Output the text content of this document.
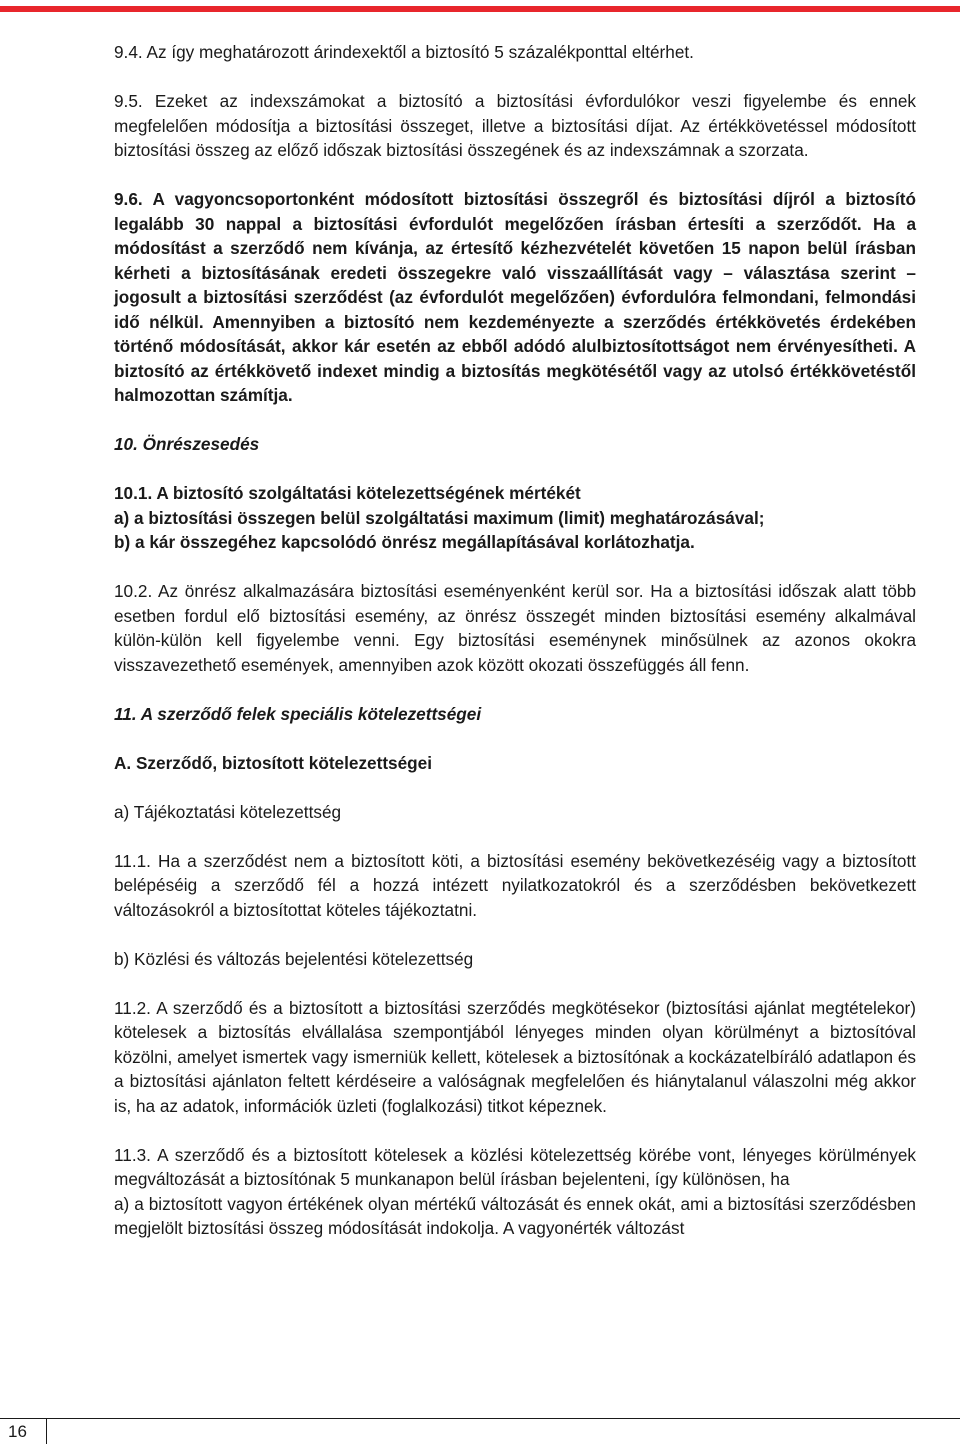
9.4. Az így meghatározott árindexektől a biztosító 5 százalékponttal eltérhet.

9.5. Ezeket az indexszámokat a biztosító a biztosítási évfordulókor veszi figyelembe és ennek megfelelően módosítja a biztosítási összeget, illetve a biztosítási díjat. Az értékkövetéssel módosított biztosítási összeg az előző időszak biztosítási összegének és az indexszámnak a szorzata.

9.6. A vagyoncsoportonként módosított biztosítási összegről és biztosítási díjról a biztosító legalább 30 nappal a biztosítási évfordulót megelőzően írásban értesíti a szerződőt. Ha a módosítást a szerződő nem kívánja, az értesítő kézhezvételét követően 15 napon belül írásban kérheti a biztosításának eredeti összegekre való visszaállítását vagy – választása szerint – jogosult a biztosítási szerződést (az évfordulót megelőzően) évfordulóra felmondani, felmondási idő nélkül. Amennyiben a biztosító nem kezdeményezte a szerződés értékkövetés érdekében történő módosítását, akkor kár esetén az ebből adódó alulbiztosítottságot nem érvényesítheti. A biztosító az értékkövető indexet mindig a biztosítás megkötésétől vagy az utolsó értékkövetéstől halmozottan számítja.

10. Önrészesedés

10.1. A biztosító szolgáltatási kötelezettségének mértékét
a) a biztosítási összegen belül szolgáltatási maximum (limit) meghatározásával;
b) a kár összegéhez kapcsolódó önrész megállapításával korlátozhatja.

10.2. Az önrész alkalmazására biztosítási eseményenként kerül sor. Ha a biztosítási időszak alatt több esetben fordul elő biztosítási esemény, az önrész összegét minden biztosítási esemény alkalmával külön-külön kell figyelembe venni. Egy biztosítási eseménynek minősülnek az azonos okokra visszavezethető események, amennyiben azok között okozati összefüggés áll fenn.

11. A szerződő felek speciális kötelezettségei

A. Szerződő, biztosított kötelezettségei

a) Tájékoztatási kötelezettség

11.1. Ha a szerződést nem a biztosított köti, a biztosítási esemény bekövetkezéséig vagy a biztosított belépéséig a szerződő fél a hozzá intézett nyilatkozatokról és a szerződésben bekövetkezett változásokról a biztosítottat köteles tájékoztatni.

b) Közlési és változás bejelentési kötelezettség

11.2. A szerződő és a biztosított a biztosítási szerződés megkötésekor (biztosítási ajánlat megtételekor) kötelesek a biztosítás elvállalása szempontjából lényeges minden olyan körülményt a biztosítóval közölni, amelyet ismertek vagy ismerniük kellett, kötelesek a biztosítónak a kockázatelbíráló adatlapon és a biztosítási ajánlaton feltett kérdéseire a valóságnak megfelelően és hiánytalanul válaszolni még akkor is, ha az adatok, információk üzleti (foglalkozási) titkot képeznek.

11.3. A szerződő és a biztosított kötelesek a közlési kötelezettség körébe vont, lényeges körülmények megváltozását a biztosítónak 5 munkanapon belül írásban bejelenteni, így különösen, ha
a) a biztosított vagyon értékének olyan mértékű változását és ennek okát, ami a biztosítási szerződésben megjelölt biztosítási összeg módosítását indokolja. A vagyonérték változást
16
